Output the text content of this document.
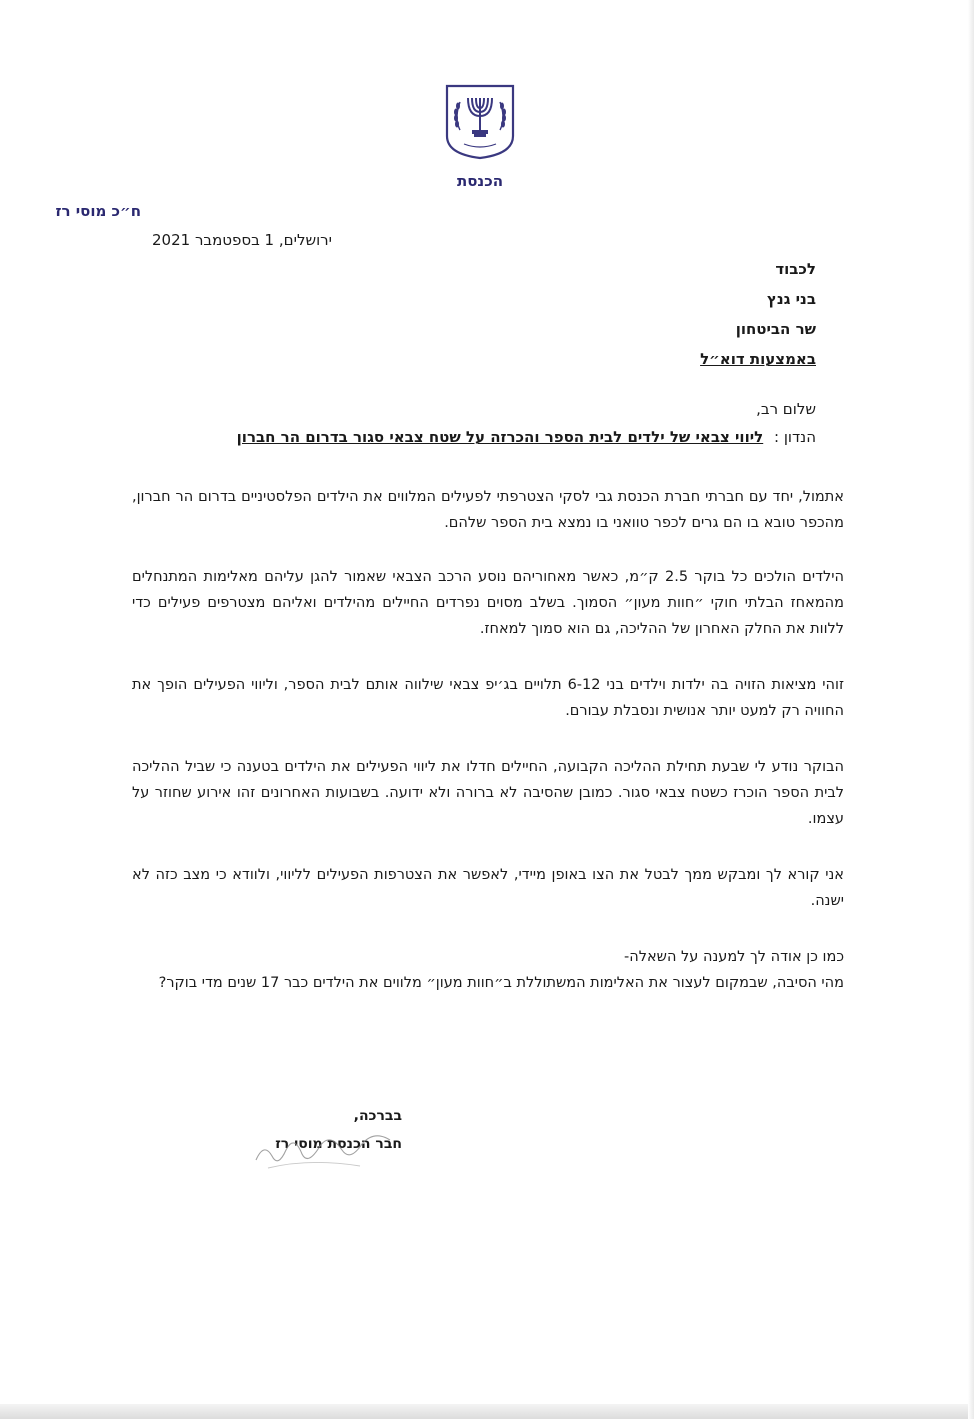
הכנסת
ח״כ מוסי רז
ירושלים, 1 בספטמבר 2021
לכבוד
בני גנץ
שר הביטחון
באמצעות דוא״ל
שלום רב,
הנדון : ליווי צבאי של ילדים לבית הספר והכרזה על שטח צבאי סגור בדרום הר חברון
אתמול, יחד עם חברתי חברת הכנסת גבי לסקי הצטרפתי לפעילים המלווים את הילדים הפלסטיניים בדרום הר חברון, מהכפר טובא בו הם גרים לכפר טוואני בו נמצא בית הספר שלהם.
הילדים הולכים כל בוקר 2.5 ק״מ, כאשר מאחוריהם נוסע הרכב הצבאי שאמור להגן עליהם מאלימות המתנחלים מהמאחז הבלתי חוקי ״חוות מעון״ הסמוך. בשלב מסוים נפרדים החיילים מהילדים ואליהם מצטרפים פעילים כדי ללוות את החלק האחרון של ההליכה, גם הוא סמוך למאחז.
זוהי מציאות הזויה בה ילדות וילדים בני 6-12 תלויים בג׳יפ צבאי שילווה אותם לבית הספר, וליווי הפעילים הופך את החוויה רק למעט יותר אנושית ונסבלת עבורם.
הבוקר נודע לי שבעת תחילת ההליכה הקבועה, החיילים חדלו את ליווי הפעילים את הילדים בטענה כי שביל ההליכה לבית הספר הוכרז כשטח צבאי סגור. כמובן שהסיבה לא ברורה ולא ידועה. בשבועות האחרונים זהו אירוע שחוזר על עצמו.
אני קורא לך ומבקש ממך לבטל את הצו באופן מיידי, לאפשר את הצטרפות הפעילים לליווי, ולוודא כי מצב כזה לא ישנה.
כמו כן אודה לך למענה על השאלה-
מהי הסיבה, שבמקום לעצור את האלימות המשתוללת ב״חוות מעון״ מלווים את הילדים כבר 17 שנים מדי בוקר?
בברכה,
חבר הכנסת מוסי רז
